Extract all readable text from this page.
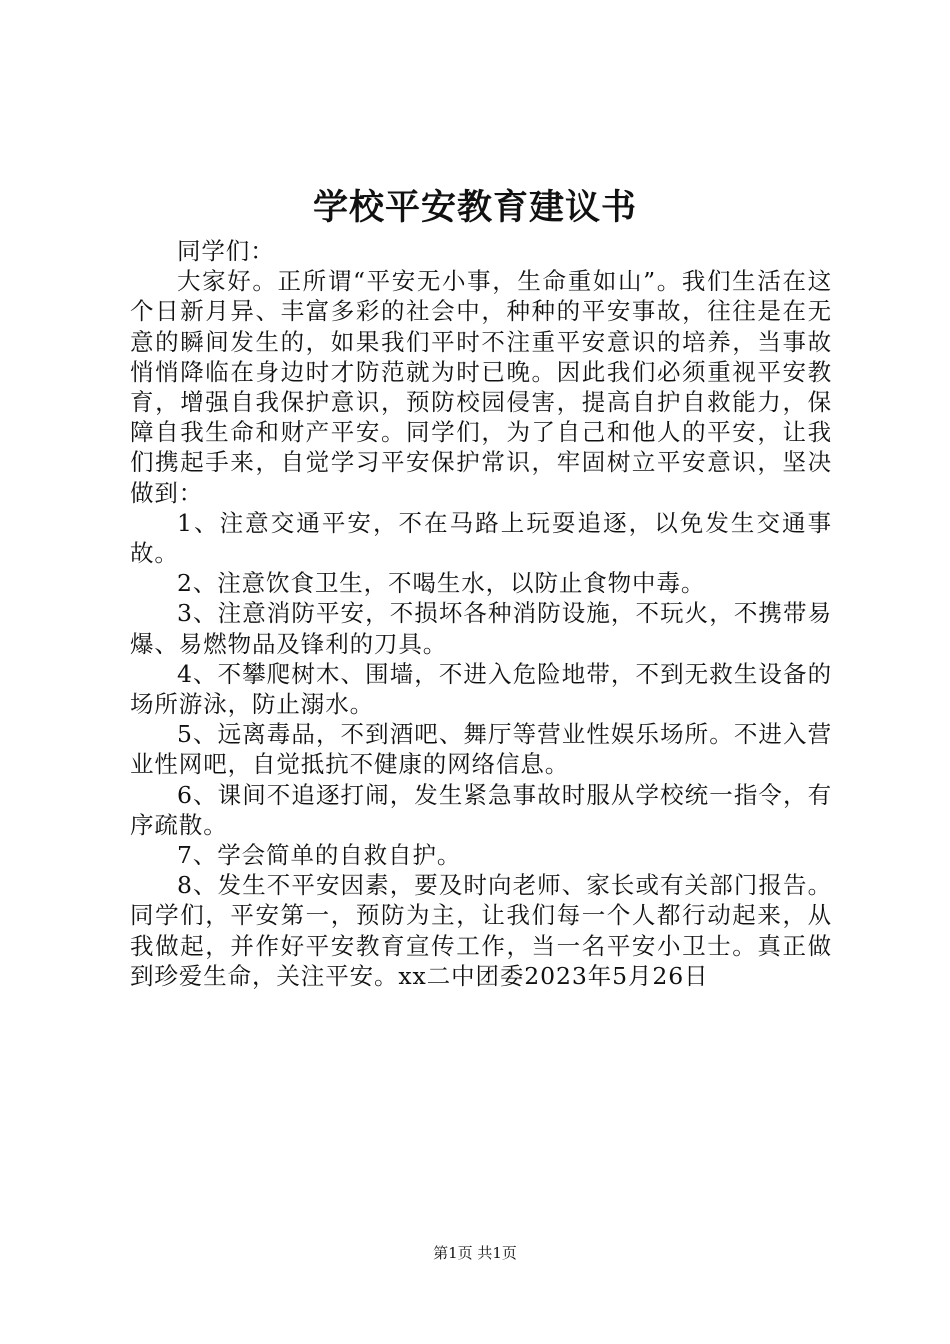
学校平安教育建议书

同学们：

大家好。正所谓“平安无小事，生命重如山”。我们生活在这个日新月异、丰富多彩的社会中，种种的平安事故，往往是在无意的瞬间发生的，如果我们平时不注重平安意识的培养，当事故悄悄降临在身边时才防范就为时已晚。因此我们必须重视平安教育，增强自我保护意识，预防校园侵害，提高自护自救能力，保障自我生命和财产平安。同学们，为了自己和他人的平安，让我们携起手来，自觉学习平安保护常识，牢固树立平安意识，坚决做到：

1、注意交通平安，不在马路上玩耍追逐，以免发生交通事故。

2、注意饮食卫生，不喝生水，以防止食物中毒。

3、注意消防平安，不损坏各种消防设施，不玩火，不携带易爆、易燃物品及锋利的刀具。

4、不攀爬树木、围墙，不进入危险地带，不到无救生设备的场所游泳，防止溺水。

5、远离毒品，不到酒吧、舞厅等营业性娱乐场所。不进入营业性网吧，自觉抵抗不健康的网络信息。

6、课间不追逐打闹，发生紧急事故时服从学校统一指令，有序疏散。

7、学会简单的自救自护。

8、发生不平安因素，要及时向老师、家长或有关部门报告。同学们，平安第一，预防为主，让我们每一个人都行动起来，从我做起，并作好平安教育宣传工作，当一名平安小卫士。真正做到珍爱生命，关注平安。xx二中团委2023年5月26日

第1页 共1页
